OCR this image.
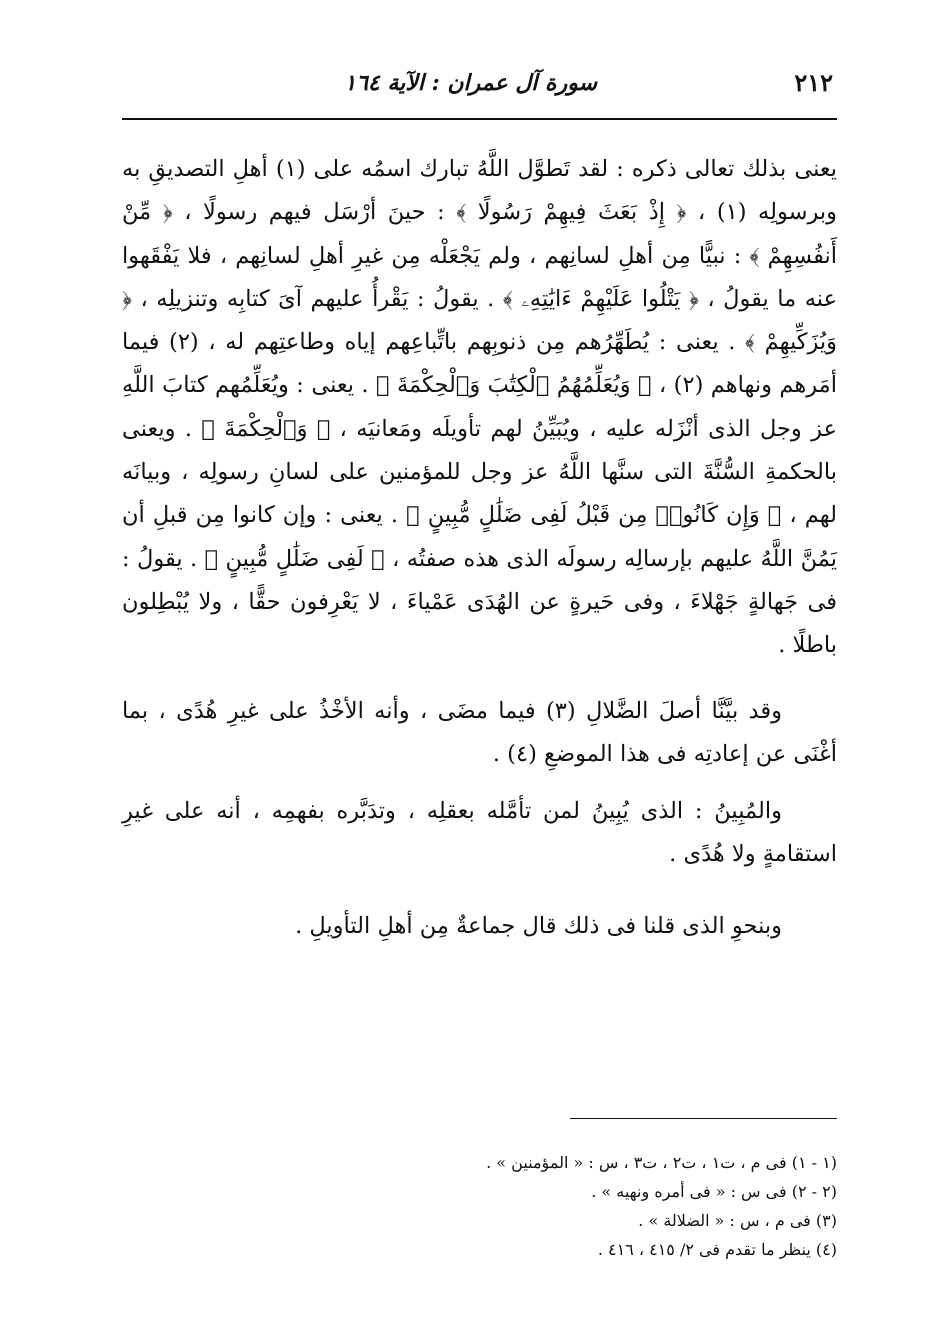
٢١٢
سورة آل عمران : الآية ١٦٤

يعنى بذلك تعالى ذكره : لقد تَطوَّل اللَّهُ تبارك اسمُه على (١) أهلِ التصديقِ به وبرسولِه (١) ، ﴿ إِذْ بَعَثَ فِيهِمْ رَسُولًا ﴾ : حينَ أرْسَل فيهم رسولًا ، ﴿ مِّنْ أَنفُسِهِمْ ﴾ : نبيًّا مِن أهلِ لسانِهم ، ولم يَجْعَلْه مِن غيرِ أهلِ لسانِهم ، فلا يَفْقَهوا عنه ما يقولُ ، ﴿ يَتْلُوا عَلَيْهِمْ ءَايَٰتِهِۦ ﴾ . يقولُ : يَقْرأُ عليهم آىَ كتابِه وتنزيلِه ، ﴿ وَيُزَكِّيهِمْ ﴾ . يعنى : يُطَهِّرُهم مِن ذنوبِهم باتِّباعِهم إياه وطاعتِهم له ، (٢) فيما أمَرهم ونهاهم (٢) ، ﴿ وَيُعَلِّمُهُمُ ٱلْكِتَٰبَ وَٱلْحِكْمَةَ ﴾ . يعنى : ويُعَلِّمُهم كتابَ اللَّهِ عز وجل الذى أنْزَله عليه ، ويُبَيِّنُ لهم تأويلَه ومَعانيَه ، ﴿ وَٱلْحِكْمَةَ ﴾ . ويعنى بالحكمةِ السُّنَّةَ التى سنَّها اللَّهُ عز وجل للمؤمنين على لسانِ رسولِه ، وبيانَه لهم ، ﴿ وَإِن كَانُوا۟ مِن قَبْلُ لَفِى ضَلَٰلٍ مُّبِينٍ ﴾ . يعنى : وإن كانوا مِن قبلِ أن يَمُنَّ اللَّهُ عليهم بإرسالِه رسولَه الذى هذه صفتُه ، ﴿ لَفِى ضَلَٰلٍ مُّبِينٍ ﴾ . يقولُ : فى جَهالةٍ جَهْلاءَ ، وفى حَيرةٍ عن الهُدَى عَمْياءَ ، لا يَعْرِفون حقًّا ، ولا يُبْطِلون باطلًا .

وقد بيَّنَّا أصلَ الضَّلالِ (٣) فيما مضَى ، وأنه الأخْذُ على غيرِ هُدًى ، بما أغْنَى عن إعادتِه فى هذا الموضعِ (٤) .

والمُبِينُ : الذى يُبِينُ لمن تأمَّله بعقلِه ، وتدَبَّره بفهمِه ، أنه على غيرِ استقامةٍ ولا هُدًى .

وبنحوِ الذى قلنا فى ذلك قال جماعةٌ مِن أهلِ التأويلِ .

(١ - ١) فى م ، ت١ ، ت٢ ، ت٣ ، س : « المؤمنين » .

(٢ - ٢) فى س : « فى أمره ونهيه » .

(٣) فى م ، س : « الضلالة » .

(٤) ينظر ما تقدم فى ٢/ ٤١٥ ، ٤١٦ .
